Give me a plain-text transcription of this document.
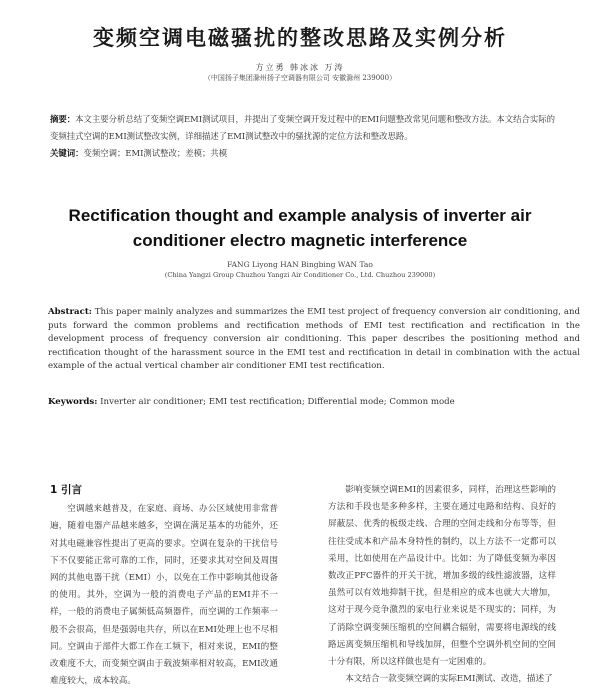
变频空调电磁骚扰的整改思路及实例分析
方立勇 韩冰冰 万涛
（中国扬子集团滁州扬子空调器有限公司 安徽滁州 239000）

摘要：本文主要分析总结了变频空调EMI测试项目，并提出了变频空调开发过程中的EMI问题整改常见问题和整改方法。本文结合实际的变频挂式空调的EMI测试整改实例，详细描述了EMI测试整改中的骚扰源的定位方法和整改思路。

关键词：变频空调；EMI测试整改；差模；共模

Rectification thought and example analysis of inverter air
conditioner electro magnetic interference
FANG Liyong HAN Bingbing WAN Tao
(China Yangzi Group Chuzhou Yangzi Air Conditioner Co., Ltd. Chuzhou 239000)
Abstract: This paper mainly analyzes and summarizes the EMI test project of frequency conversion air conditioning, and puts forward the common problems and rectification methods of EMI test rectification and rectification in the development process of frequency conversion air conditioning. This paper describes the positioning method and rectification thought of the harassment source in the EMI test and rectification in detail in combination with the actual example of the actual vertical chamber air conditioner EMI test rectification.
Keywords: Inverter air conditioner; EMI test rectification; Differential mode; Common mode
1 引言

空调越来越普及，在家庭、商场、办公区域使用非常普遍，随着电器产品越来越多，空调在满足基本的功能外，还对其电磁兼容性提出了更高的要求。空调在复杂的干扰信号下不仅要能正常可靠的工作，同时，还要求其对空间及周围网的其他电器干扰（EMI）小，以免在工作中影响其他设备的使用。其外，空调为一般的消费电子产品的EMI并不一样，一般的消费电子属频低高频器件，而空调的工作频率一般不会很高，但是强弱电共存，所以在EMI处理上也不尽相同。空调由于部件大都工作在工频下，相对来说，EMI的整改难度不大，而变频空调由于载波频率相对较高，EMI改通难度较大，成本较高。

影响变频空调EMI的因素很多，同样，治理这些影响的方法和手段也是多种多样，主要在通过电路和结构、良好的屏蔽层、优秀的板级走线、合理的空间走线和分布等等，但往往受成本和产品本身特性的制约，以上方法不一定都可以采用，比如使用在产品设计中。比如：为了降低变频为率因数改正PFC器件的开关干扰，增加多级的线性滤波器，这样虽然可以有效地抑制干扰，但是相应的成本也就大大增加，这对于现今竞争激烈的家电行业来说是不现实的；同样，为了消除空调变频压缩机的空间耦合辐射，需要将电源线的线路远离变频压缩机和导线加屏，但整个空调外机空间的空间十分有限，所以这样做也是有一定困难的。

本文结合一款变频空调的实际EMI测试、改造，描述了
